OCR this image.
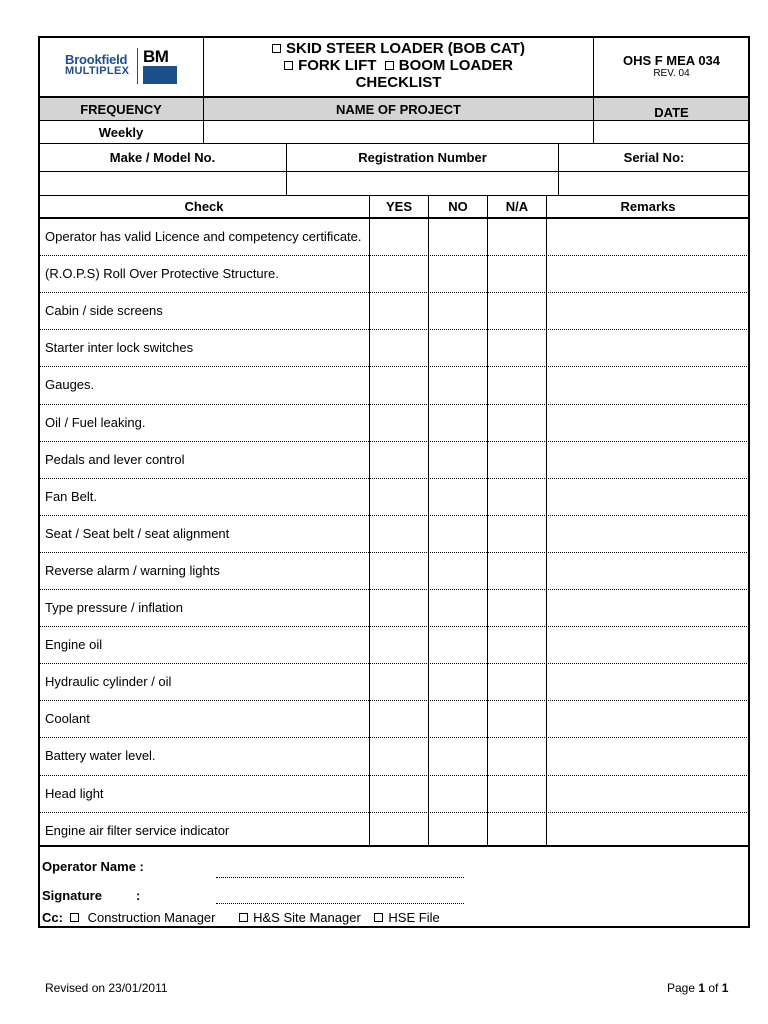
Brookfield
MULTIPLEX
BM	SKID STEER LOADER (BOB CAT)
FORK LIFT BOOM LOADER
CHECKLIST
OHS F MEA 034
REV. 04
FREQUENCY	NAME OF PROJECT	DATE
Weekly
Make / Model No.	Registration Number	Serial No:
Check	YES	NO	N/A	Remarks
Operator has valid Licence and competency certificate.
(R.O.P.S) Roll Over Protective Structure.
Cabin / side screens
Starter inter lock switches
Gauges.
Oil / Fuel leaking.
Pedals and lever control
Fan Belt.
Seat / Seat belt / seat alignment
Reverse alarm / warning lights
Type pressure / inflation
Engine oil
Hydraulic cylinder / oil
Coolant
Battery water level.
Head light
Engine air filter service indicator
Operator Name :
Signature	:
Cc: Construction Manager	H&S Site Manager HSE File
Revised on 23/01/2011	Page 1 of 1
